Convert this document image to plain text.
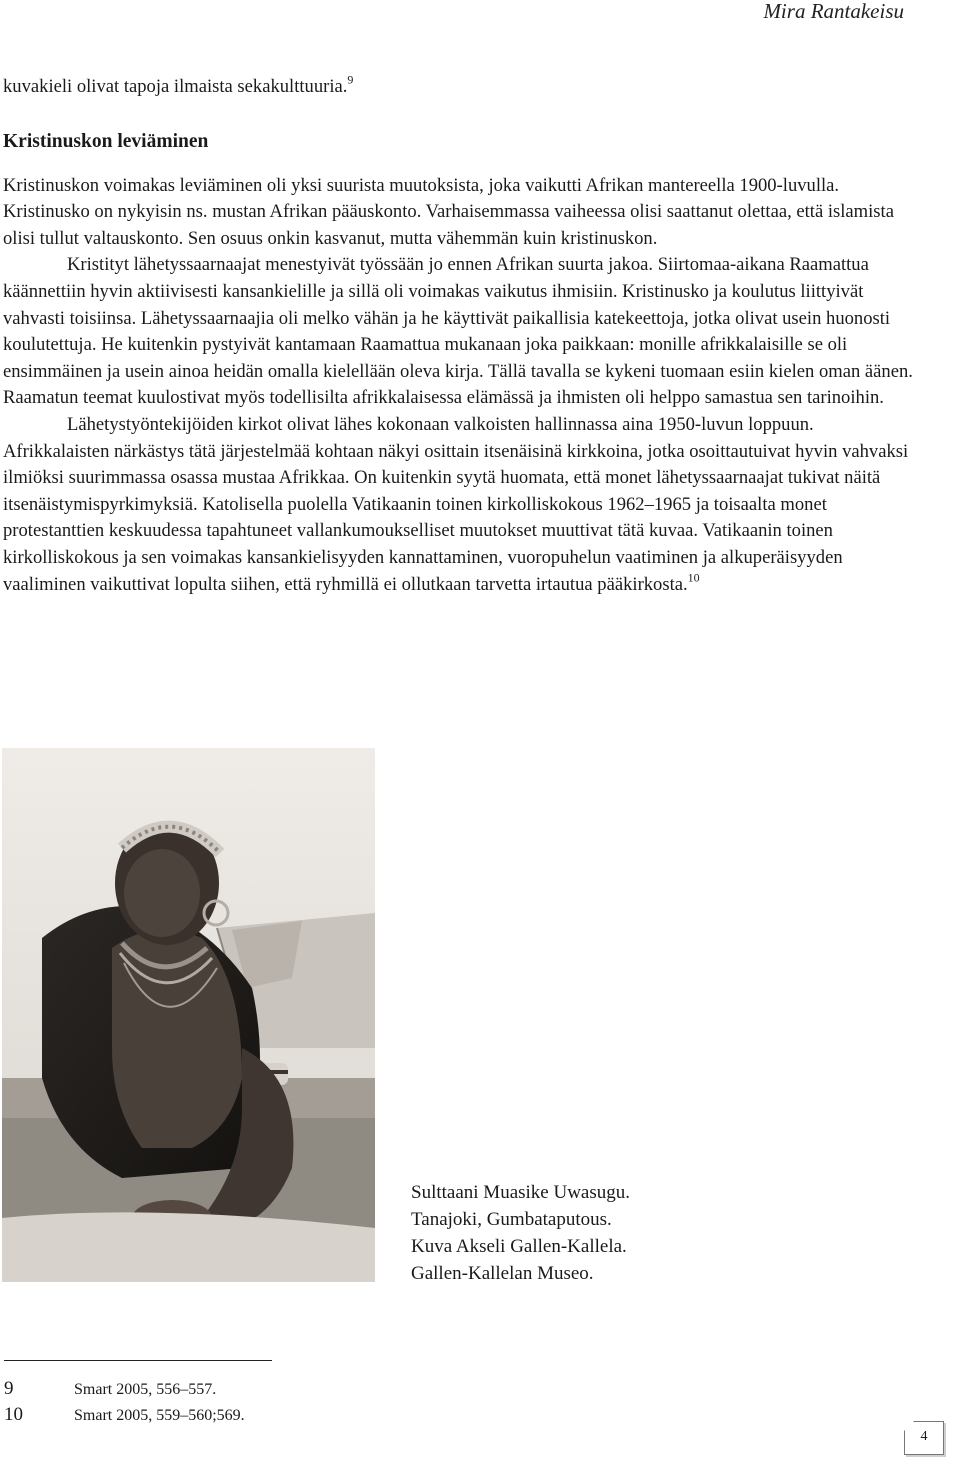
Mira Rantakeisu

kuvakieli olivat tapoja ilmaista sekakulttuuria.$^9$

Kristinuskon leviäminen

Kristinuskon voimakas leviäminen oli yksi suurista muutoksista, joka vaikutti Afrikan mantereella 1900-luvulla. Kristinusko on nykyisin ns. mustan Afrikan pääuskonto. Varhaisemmassa vaiheessa olisi saattanut olettaa, että islamista olisi tullut valtauskonto. Sen osuus onkin kasvanut, mutta vähemmän kuin kristinuskon.

Kristityt lähetyssaarnaajat menestyivät työssään jo ennen Afrikan suurta jakoa. Siirtomaa-aikana Raamattua käännettiin hyvin aktiivisesti kansankielille ja sillä oli voimakas vaikutus ihmisiin. Kristinusko ja koulutus liittyivät vahvasti toisiinsa. Lähetyssaarnaajia oli melko vähän ja he käyttivät paikallisia katekeettoja, jotka olivat usein huonosti koulutettuja. He kuitenkin pystyivät kantamaan Raamattua mukanaan joka paikkaan: monille afrikkalaisille se oli ensimmäinen ja usein ainoa heidän omalla kielellään oleva kirja. Tällä tavalla se kykeni tuomaan esiin kielen oman äänen. Raamatun teemat kuulostivat myös todellisilta afrikkalaisessa elämässä ja ihmisten oli helppo samastua sen tarinoihin.

Lähetystyöntekijöiden kirkot olivat lähes kokonaan valkoisten hallinnassa aina 1950-luvun loppuun. Afrikkalaisten närkästys tätä järjestelmää kohtaan näkyi osittain itsenäisinä kirkkoina, jotka osoittautuivat hyvin vahvaksi ilmiöksi suurimmassa osassa mustaa Afrikkaa. On kuitenkin syytä huomata, että monet lähetyssaarnaajat tukivat näitä itsenäistymispyrkimyksiä. Katolisella puolella Vatikaanin toinen kirkolliskokous 1962–1965 ja toisaalta monet protestanttien keskuudessa tapahtuneet vallankumoukselliset muutokset muuttivat tätä kuvaa. Vatikaanin toinen kirkolliskokous ja sen voimakas kansankielisyyden kannattaminen, vuoropuhelun vaatiminen ja alkuperäisyyden vaaliminen vaikuttivat lopulta siihen, että ryhmillä ei ollutkaan tarvetta irtautua pääkirkosta.$^{10}$

Sulttaani Muasike Uwasugu.
Tanajoki, Gumbataputous.
Kuva Akseli Gallen-Kallela.
Gallen-Kallelan Museo.
9	Smart 2005, 556–557.
10	Smart 2005, 559–560;569.
4
